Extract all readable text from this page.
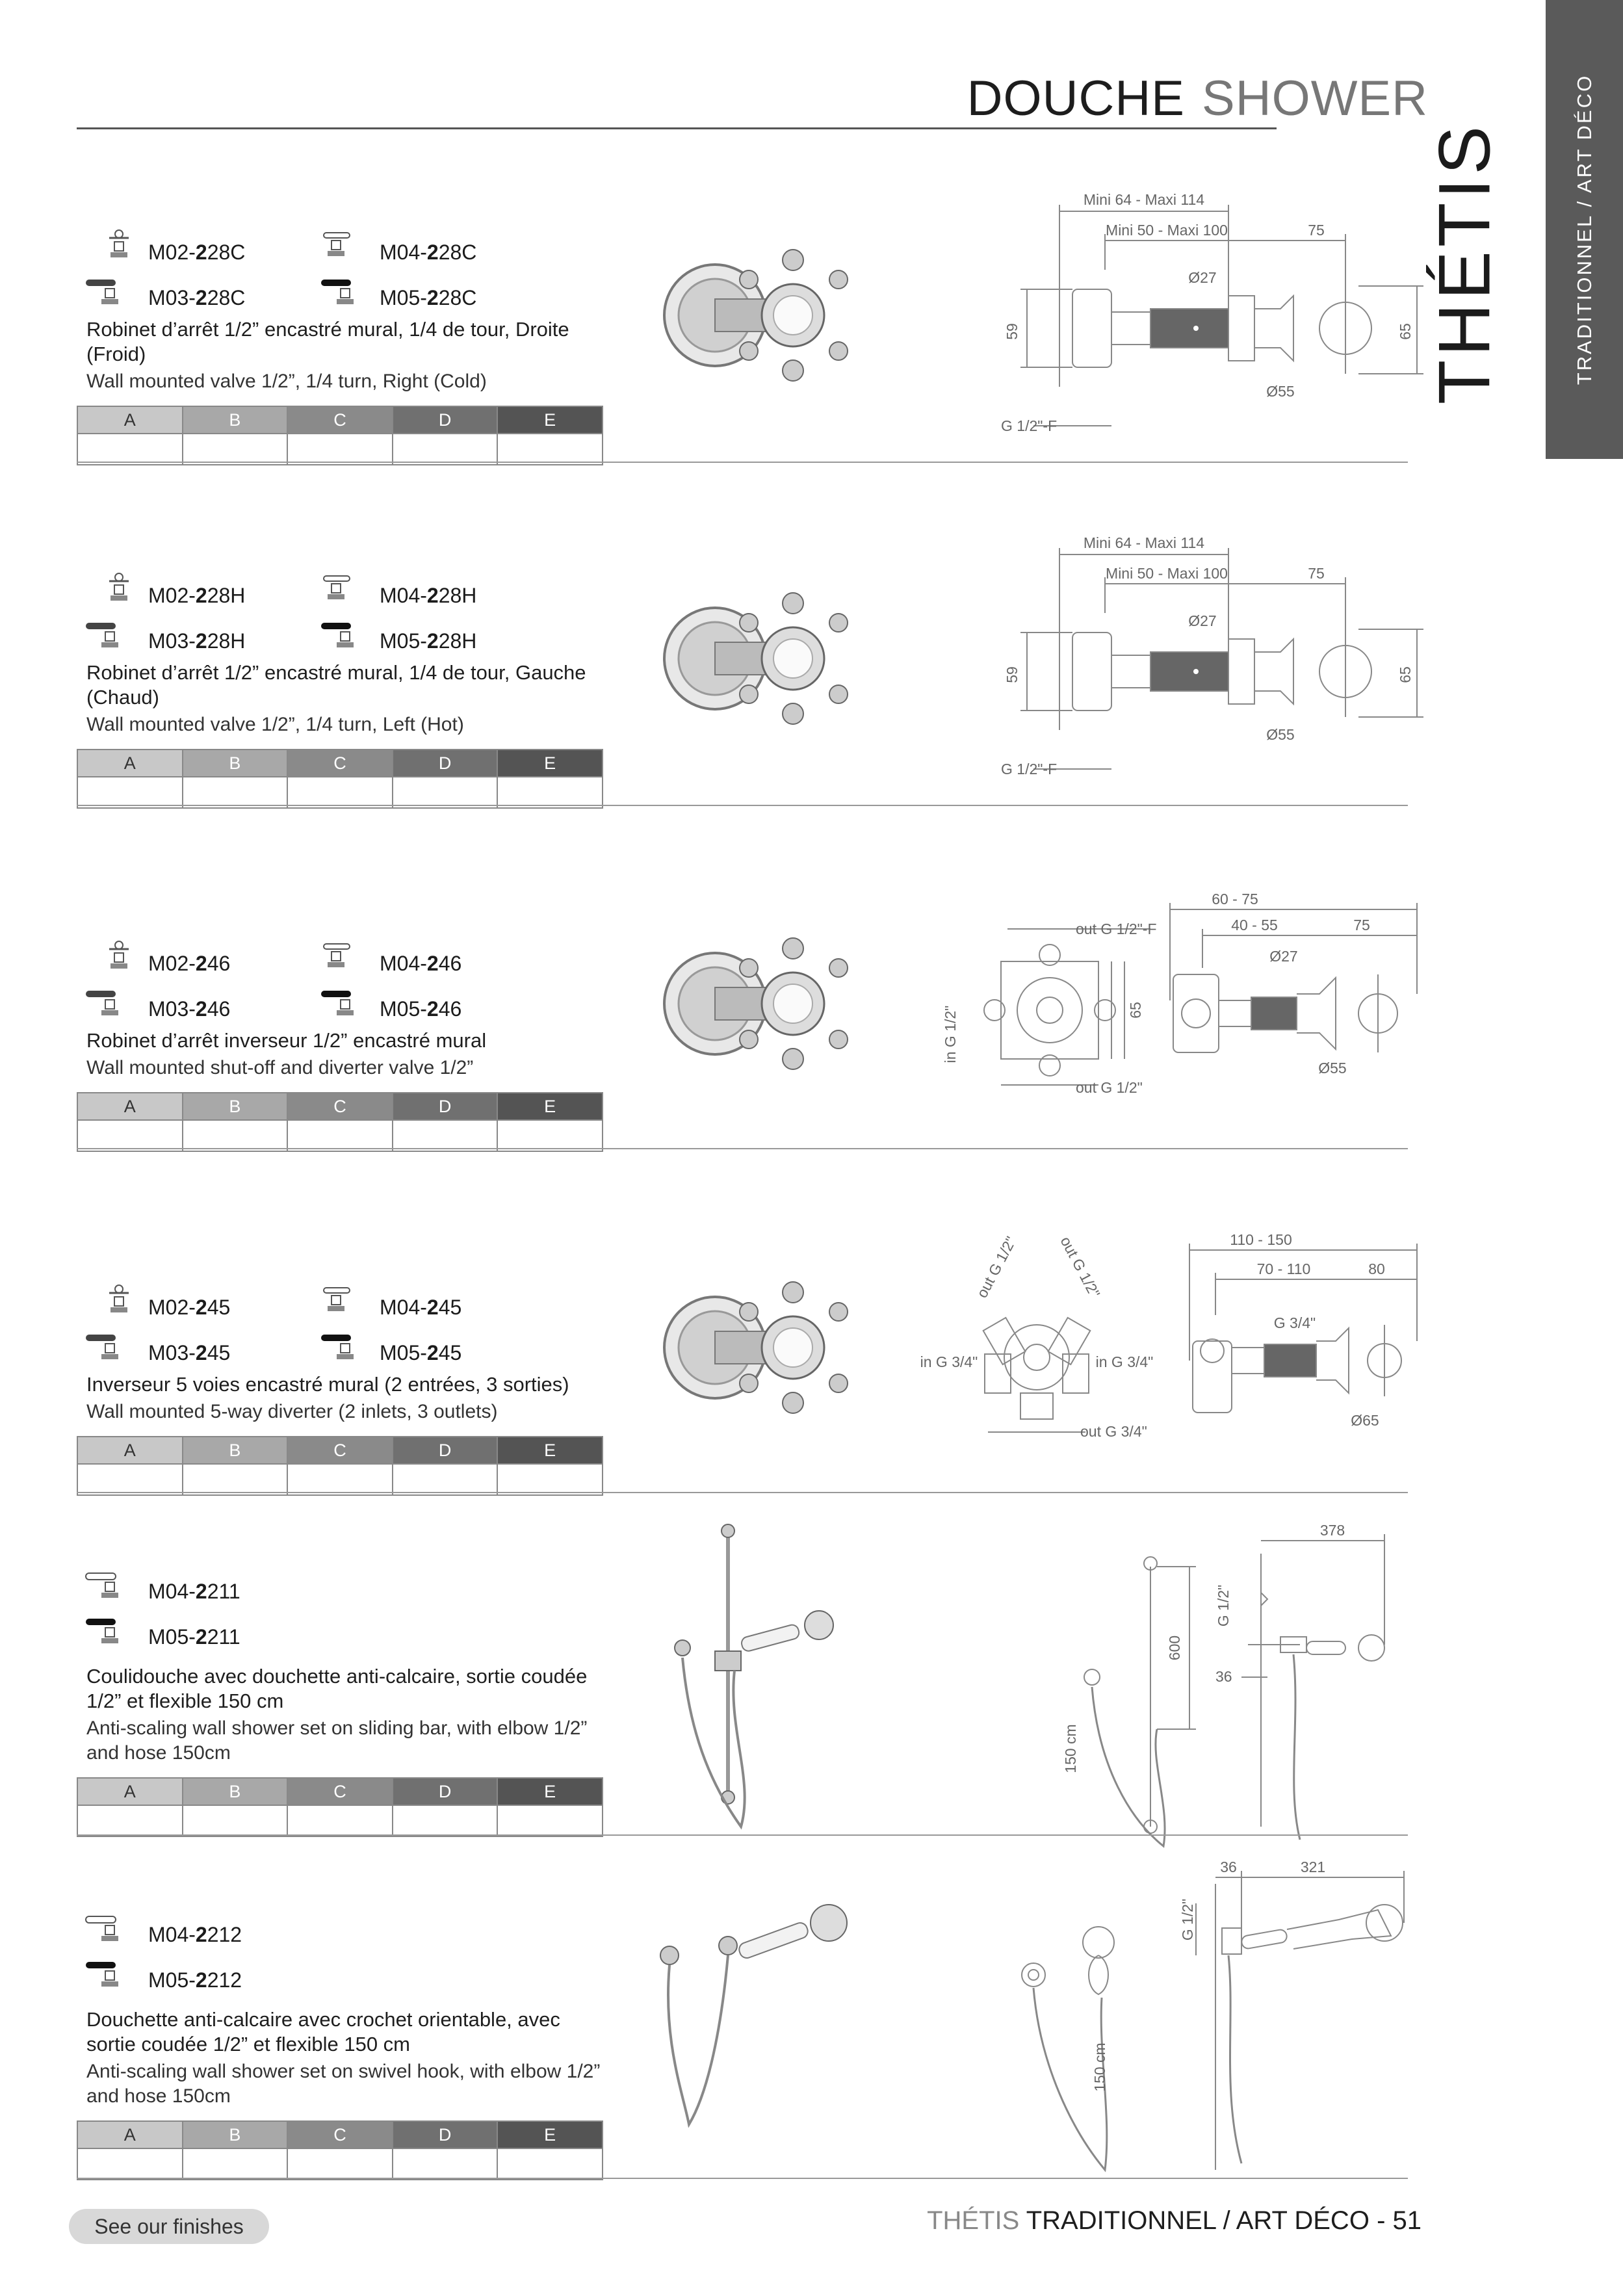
DOUCHE SHOWER	TRADITIONNEL / ART DÉCO
THÉTIS
M02-228C	M04-228C
M03-228C	M05-228C
Robinet d’arrêt 1/2” encastré mural, 1/4 de tour, Droite (Froid)
Wall mounted valve 1/2”, 1/4 turn, Right (Cold)
A	B	C	D	E

Mini 64 - Maxi 114
Mini 50 - Maxi 100	75
Ø27
59	65
Ø55
G 1/2"-F
M02-228H	M04-228H
M03-228H	M05-228H
Robinet d’arrêt 1/2” encastré mural, 1/4 de tour, Gauche (Chaud)
Wall mounted valve 1/2”, 1/4 turn, Left (Hot)
A	B	C	D	E

Mini 64 - Maxi 114
Mini 50 - Maxi 100	75
Ø27
59	65
Ø55
G 1/2"-F
M02-246	M04-246
M03-246	M05-246
Robinet d’arrêt inverseur 1/2” encastré mural
Wall mounted shut-off and diverter valve 1/2”
A	B	C	D	E

60 - 75
40 - 55	75
out G 1/2"-F
Ø27
65
in G 1/2"
out G 1/2"
Ø55
M02-245	M04-245
M03-245	M05-245
Inverseur 5 voies encastré mural (2 entrées, 3 sorties)
Wall mounted 5-way diverter (2 inlets, 3 outlets)
A	B	C	D	E

out G 1/2"	out G 1/2"
in G 3/4"	in G 3/4"
out G 3/4"
110 - 150
70 - 110	80
G 3/4"
Ø65
M04-2211
M05-2211
Coulidouche avec douchette anti-calcaire, sortie coudée 1/2” et flexible 150 cm
Anti-scaling wall shower set on sliding bar, with elbow 1/2” and hose 150cm
A	B	C	D	E

378
G 1/2"
600
36
150 cm
M04-2212
M05-2212
Douchette anti-calcaire avec crochet orientable, avec sortie coudée 1/2” et flexible 150 cm
Anti-scaling wall shower set on swivel hook, with elbow 1/2” and hose 150cm
A	B	C	D	E

36	321
G 1/2"
150 cm
See our finishes	THÉTIS TRADITIONNEL / ART DÉCO - 51
